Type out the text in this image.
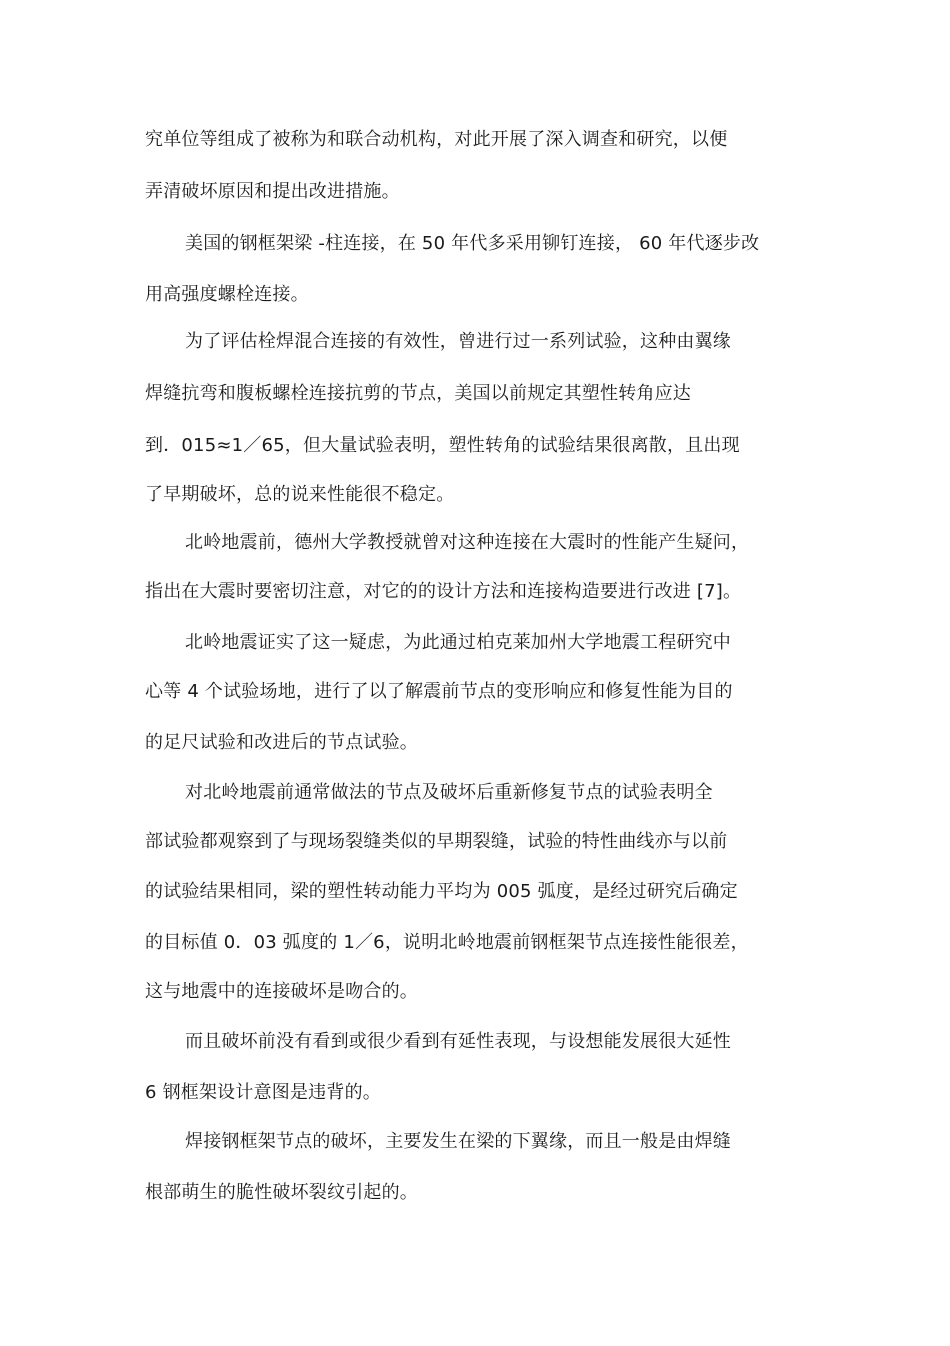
究单位等组成了被称为和联合动机构，对此开展了深入调查和研究，以便
弄清破坏原因和提出改进措施。
美国的钢框架梁 -柱连接，在 50 年代多采用铆钉连接， 60 年代逐步改
用高强度螺栓连接。
为了评估栓焊混合连接的有效性，曾进行过一系列试验，这种由翼缘
焊缝抗弯和腹板螺栓连接抗剪的节点，美国以前规定其塑性转角应达
到．015≈1／65，但大量试验表明，塑性转角的试验结果很离散，且出现
了早期破坏，总的说来性能很不稳定。
北岭地震前，德州大学教授就曾对这种连接在大震时的性能产生疑问，
指出在大震时要密切注意，对它的的设计方法和连接构造要进行改进 [7]。
北岭地震证实了这一疑虑，为此通过柏克莱加州大学地震工程研究中
心等 4 个试验场地，进行了以了解震前节点的变形响应和修复性能为目的
的足尺试验和改进后的节点试验。
对北岭地震前通常做法的节点及破坏后重新修复节点的试验表明全
部试验都观察到了与现场裂缝类似的早期裂缝，试验的特性曲线亦与以前
的试验结果相同，梁的塑性转动能力平均为 005 弧度，是经过研究后确定
的目标值 0．03 弧度的 1／6，说明北岭地震前钢框架节点连接性能很差，
这与地震中的连接破坏是吻合的。
而且破坏前没有看到或很少看到有延性表现，与设想能发展很大延性
6 钢框架设计意图是违背的。
焊接钢框架节点的破坏，主要发生在梁的下翼缘，而且一般是由焊缝
根部萌生的脆性破坏裂纹引起的。
